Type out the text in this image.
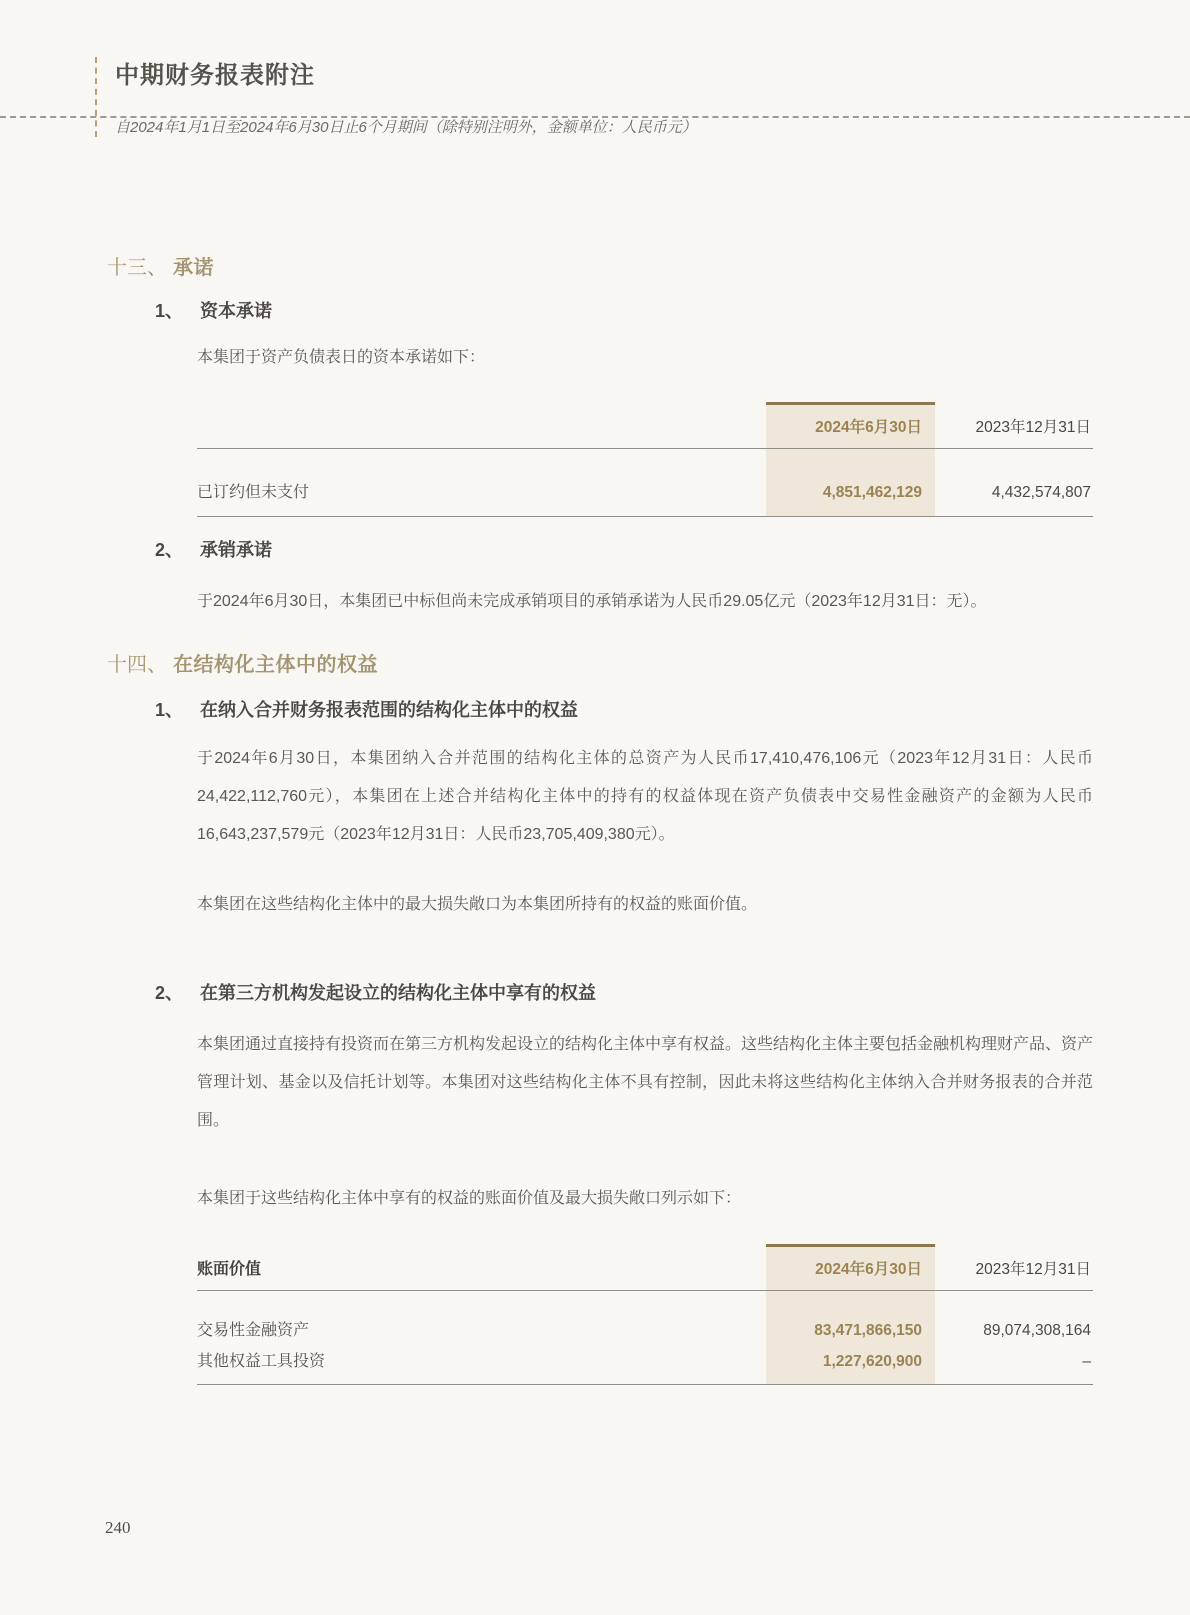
中期财务报表附注
自2024年1月1日至2024年6月30日止6个月期间（除特别注明外，金额单位：人民币元）
十三、 承诺
1、 资本承诺

本集团于资产负债表日的资本承诺如下：

	2024年6月30日	2023年12月31日
已订约但未支付	4,851,462,129	4,432,574,807
2、 承销承诺

于2024年6月30日，本集团已中标但尚未完成承销项目的承销承诺为人民币29.05亿元（2023年12月31日：无）。

十四、 在结构化主体中的权益
1、 在纳入合并财务报表范围的结构化主体中的权益

于2024年6月30日，本集团纳入合并范围的结构化主体的总资产为人民币17,410,476,106元（2023年12月31日：人民币24,422,112,760元），本集团在上述合并结构化主体中的持有的权益体现在资产负债表中交易性金融资产的金额为人民币16,643,237,579元（2023年12月31日：人民币23,705,409,380元）。

本集团在这些结构化主体中的最大损失敞口为本集团所持有的权益的账面价值。

2、 在第三方机构发起设立的结构化主体中享有的权益

本集团通过直接持有投资而在第三方机构发起设立的结构化主体中享有权益。这些结构化主体主要包括金融机构理财产品、资产管理计划、基金以及信托计划等。本集团对这些结构化主体不具有控制，因此未将这些结构化主体纳入合并财务报表的合并范围。

本集团于这些结构化主体中享有的权益的账面价值及最大损失敞口列示如下：

账面价值	2024年6月30日	2023年12月31日
交易性金融资产	83,471,866,150	89,074,308,164
其他权益工具投资	1,227,620,900	–
240
